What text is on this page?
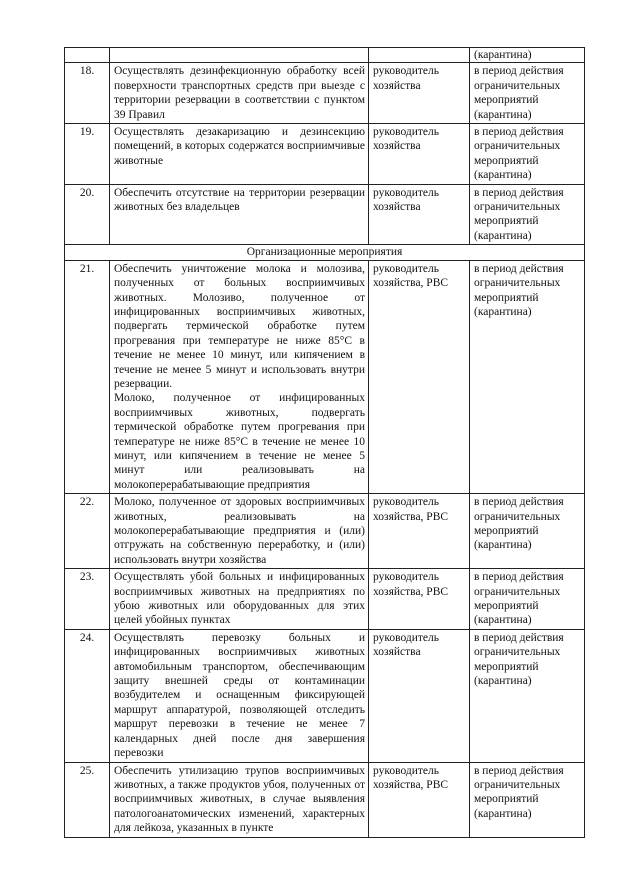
			(карантина)
18.	Осуществлять дезинфекционную обработку всей поверхности транспортных средств при выезде с территории резервации в соответствии с пунктом 39 Правил	руководитель хозяйства	в период действия ограничительных мероприятий (карантина)
19.	Осуществлять дезакаризацию и дезинсекцию помещений, в которых содержатся восприимчивые животные	руководитель хозяйства	в период действия ограничительных мероприятий (карантина)
20.	Обеспечить отсутствие на территории резервации животных без владельцев	руководитель хозяйства	в период действия ограничительных мероприятий (карантина)
Организационные мероприятия			
21.	Обеспечить уничтожение молока и молозива, полученных от больных восприимчивых животных. Молозиво, полученное от инфицированных восприимчивых животных, подвергать термической обработке путем прогревания при температуре не ниже 85°С в течение не менее 10 минут, или кипячением в течение не менее 5 минут и использовать внутри резервации.
Молоко, полученное от инфицированных восприимчивых животных, подвергать термической обработке путем прогревания при температуре не ниже 85°С в течение не менее 10 минут, или кипячением в течение не менее 5 минут или реализовывать на молокоперерабатывающие предприятия	руководитель хозяйства, РВС	в период действия ограничительных мероприятий (карантина)
22.	Молоко, полученное от здоровых восприимчивых животных, реализовывать на молокоперерабатывающие предприятия и (или) отгружать на собственную переработку, и (или) использовать внутри хозяйства	руководитель хозяйства, РВС	в период действия ограничительных мероприятий (карантина)
23.	Осуществлять убой больных и инфицированных восприимчивых животных на предприятиях по убою животных или оборудованных для этих целей убойных пунктах	руководитель хозяйства, РВС	в период действия ограничительных мероприятий (карантина)
24.	Осуществлять перевозку больных и инфицированных восприимчивых животных автомобильным транспортом, обеспечивающим защиту внешней среды от контаминации возбудителем и оснащенным фиксирующей маршрут аппаратурой, позволяющей отследить маршрут перевозки в течение не менее 7 календарных дней после дня завершения перевозки	руководитель хозяйства	в период действия ограничительных мероприятий (карантина)
25.	Обеспечить утилизацию трупов восприимчивых животных, а также продуктов убоя, полученных от восприимчивых животных, в случае выявления патологоанатомических изменений, характерных для лейкоза, указанных в пункте	руководитель хозяйства, РВС	в период действия ограничительных мероприятий (карантина)
